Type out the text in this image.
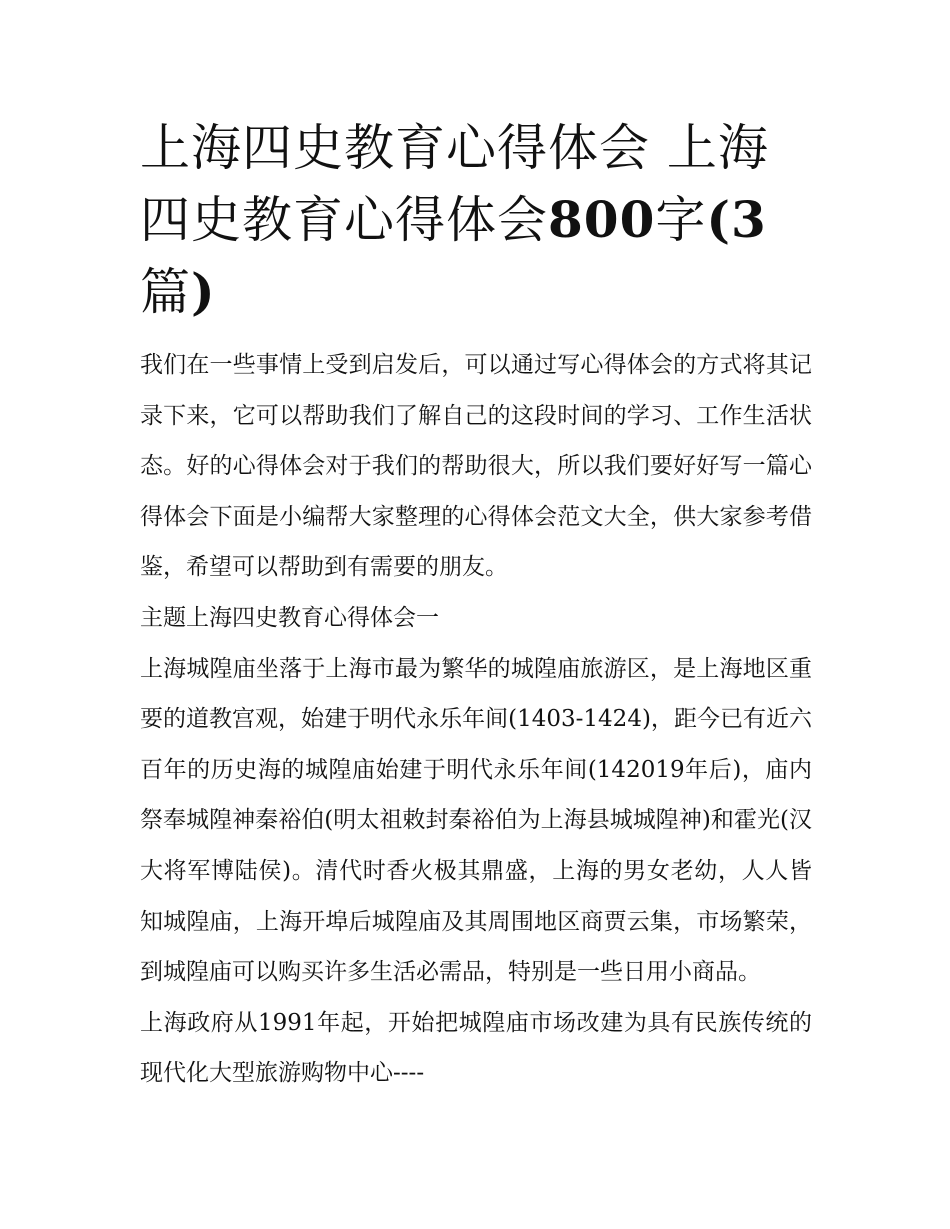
上海四史教育心得体会 上海四史教育心得体会800字(3篇)

我们在一些事情上受到启发后，可以通过写心得体会的方式将其记录下来，它可以帮助我们了解自己的这段时间的学习、工作生活状态。好的心得体会对于我们的帮助很大，所以我们要好好写一篇心得体会下面是小编帮大家整理的心得体会范文大全，供大家参考借鉴，希望可以帮助到有需要的朋友。

主题上海四史教育心得体会一

上海城隍庙坐落于上海市最为繁华的城隍庙旅游区，是上海地区重要的道教宫观，始建于明代永乐年间(1403-1424)，距今已有近六百年的历史海的城隍庙始建于明代永乐年间(142019年后)，庙内祭奉城隍神秦裕伯(明太祖敕封秦裕伯为上海县城城隍神)和霍光(汉大将军博陆侯)。清代时香火极其鼎盛，上海的男女老幼，人人皆知城隍庙，上海开埠后城隍庙及其周围地区商贾云集，市场繁荣，到城隍庙可以购买许多生活必需品，特别是一些日用小商品。

上海政府从1991年起，开始把城隍庙市场改建为具有民族传统的现代化大型旅游购物中心----
